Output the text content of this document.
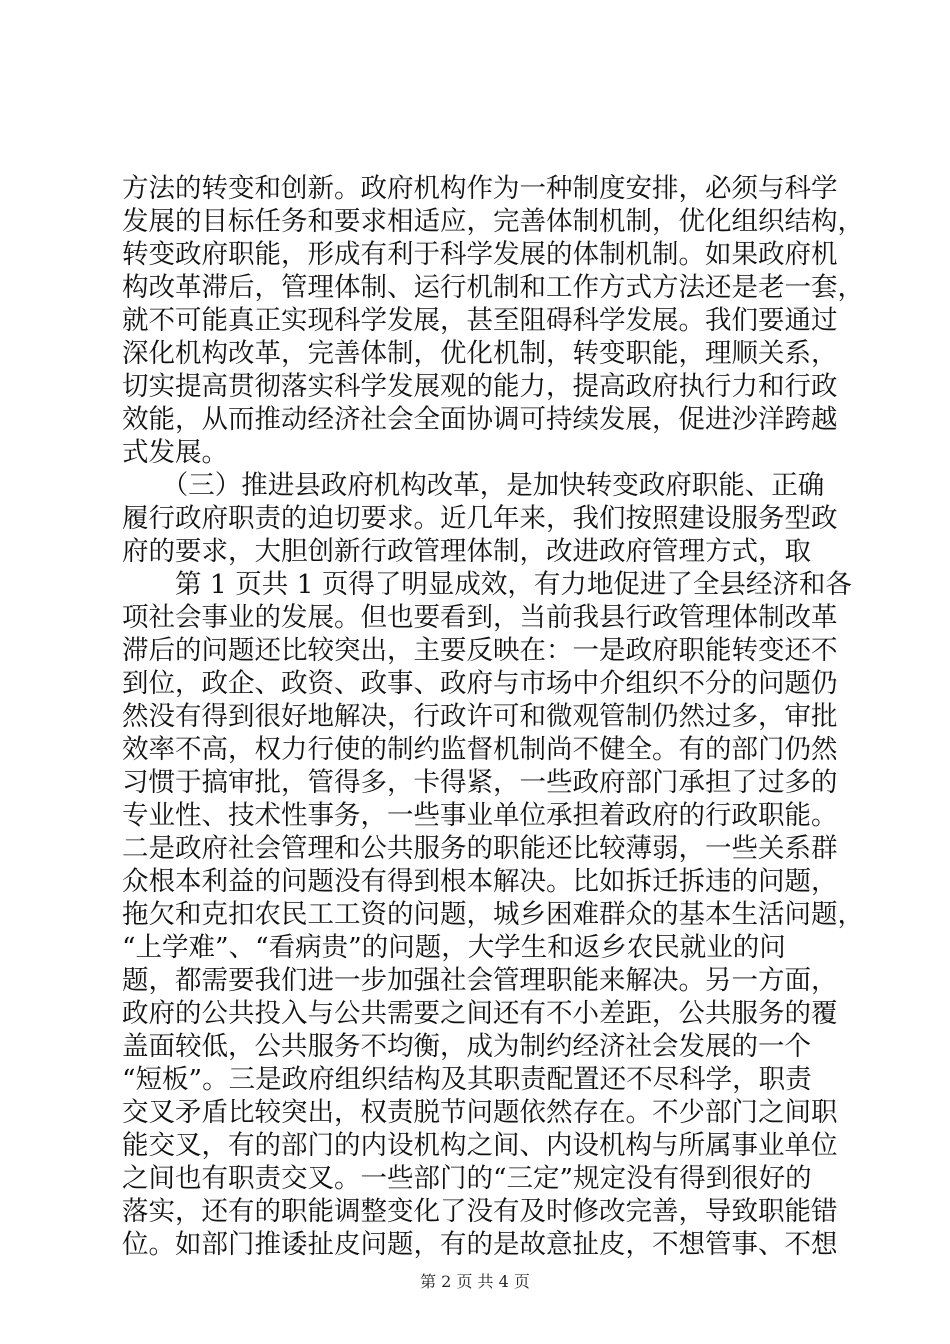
方法的转变和创新。政府机构作为一种制度安排，必须与科学
发展的目标任务和要求相适应，完善体制机制，优化组织结构，
转变政府职能，形成有利于科学发展的体制机制。如果政府机
构改革滞后，管理体制、运行机制和工作方式方法还是老一套，
就不可能真正实现科学发展，甚至阻碍科学发展。我们要通过
深化机构改革，完善体制，优化机制，转变职能，理顺关系，
切实提高贯彻落实科学发展观的能力，提高政府执行力和行政
效能，从而推动经济社会全面协调可持续发展，促进沙洋跨越
式发展。
　　（三）推进县政府机构改革，是加快转变政府职能、正确
履行政府职责的迫切要求。近几年来，我们按照建设服务型政
府的要求，大胆创新行政管理体制，改进政府管理方式，取
　　第 1 页共 1 页得了明显成效，有力地促进了全县经济和各
项社会事业的发展。但也要看到，当前我县行政管理体制改革
滞后的问题还比较突出，主要反映在：一是政府职能转变还不
到位，政企、政资、政事、政府与市场中介组织不分的问题仍
然没有得到很好地解决，行政许可和微观管制仍然过多，审批
效率不高，权力行使的制约监督机制尚不健全。有的部门仍然
习惯于搞审批，管得多，卡得紧，一些政府部门承担了过多的
专业性、技术性事务，一些事业单位承担着政府的行政职能。
二是政府社会管理和公共服务的职能还比较薄弱，一些关系群
众根本利益的问题没有得到根本解决。比如拆迁拆违的问题，
拖欠和克扣农民工工资的问题，城乡困难群众的基本生活问题，
“上学难”、“看病贵”的问题，大学生和返乡农民就业的问
题，都需要我们进一步加强社会管理职能来解决。另一方面，
政府的公共投入与公共需要之间还有不小差距，公共服务的覆
盖面较低，公共服务不均衡，成为制约经济社会发展的一个
“短板”。三是政府组织结构及其职责配置还不尽科学，职责
交叉矛盾比较突出，权责脱节问题依然存在。不少部门之间职
能交叉，有的部门的内设机构之间、内设机构与所属事业单位
之间也有职责交叉。一些部门的“三定”规定没有得到很好的
落实，还有的职能调整变化了没有及时修改完善，导致职能错
位。如部门推诿扯皮问题，有的是故意扯皮，不想管事、不想
第 2 页 共 4 页
